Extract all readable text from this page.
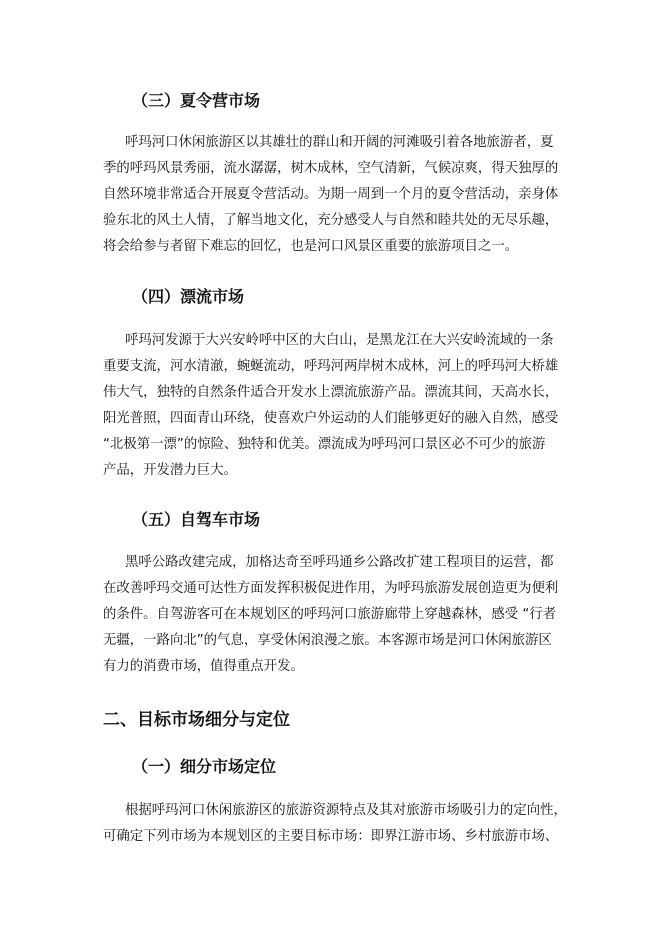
（三）夏令营市场
呼玛河口休闲旅游区以其雄壮的群山和开阔的河滩吸引着各地旅游者，夏
季的呼玛风景秀丽，流水潺潺，树木成林，空气清新，气候凉爽，得天独厚的
自然环境非常适合开展夏令营活动。为期一周到一个月的夏令营活动，亲身体
验东北的风土人情，了解当地文化，充分感受人与自然和睦共处的无尽乐趣，
将会给参与者留下难忘的回忆，也是河口风景区重要的旅游项目之一。
（四）漂流市场
呼玛河发源于大兴安岭呼中区的大白山，是黑龙江在大兴安岭流域的一条
重要支流，河水清澈，蜿蜒流动，呼玛河两岸树木成林，河上的呼玛河大桥雄
伟大气，独特的自然条件适合开发水上漂流旅游产品。漂流其间，天高水长，
阳光普照，四面青山环绕，使喜欢户外运动的人们能够更好的融入自然，感受
“北极第一漂”的惊险、独特和优美。漂流成为呼玛河口景区必不可少的旅游
产品，开发潜力巨大。
（五）自驾车市场
黑呼公路改建完成，加格达奇至呼玛通乡公路改扩建工程项目的运营，都
在改善呼玛交通可达性方面发挥积极促进作用，为呼玛旅游发展创造更为便利
的条件。自驾游客可在本规划区的呼玛河口旅游廊带上穿越森林，感受 “行者
无疆，一路向北”的气息，享受休闲浪漫之旅。本客源市场是河口休闲旅游区
有力的消费市场，值得重点开发。
二、目标市场细分与定位
（一）细分市场定位
根据呼玛河口休闲旅游区的旅游资源特点及其对旅游市场吸引力的定向性，
可确定下列市场为本规划区的主要目标市场：即界江游市场、乡村旅游市场、
